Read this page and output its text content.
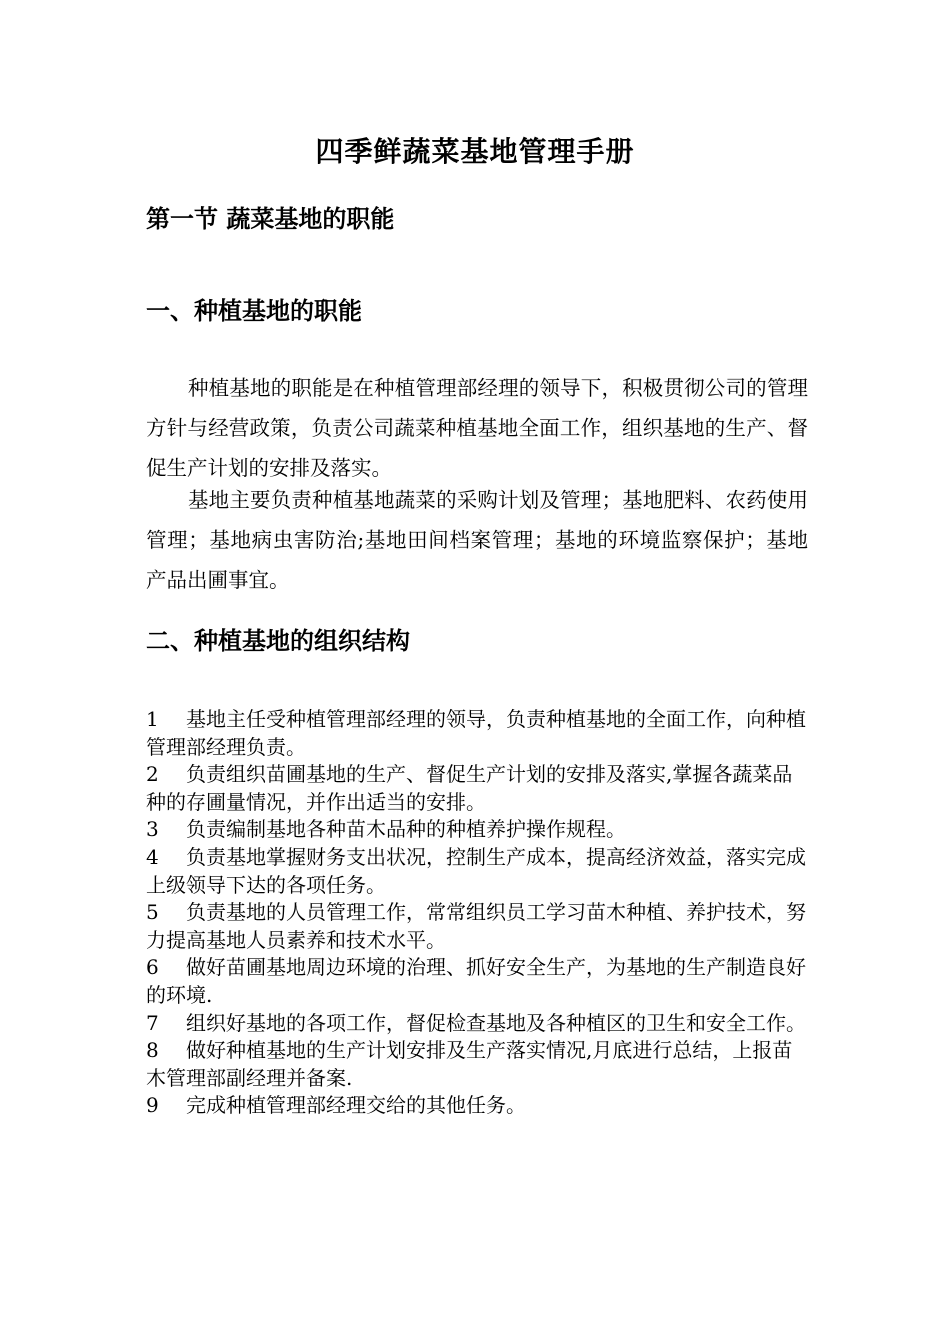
四季鲜蔬菜基地管理手册
第一节 蔬菜基地的职能
一、种植基地的职能

种植基地的职能是在种植管理部经理的领导下，积极贯彻公司的管理方针与经营政策，负责公司蔬菜种植基地全面工作，组织基地的生产、督促生产计划的安排及落实。

基地主要负责种植基地蔬菜的采购计划及管理；基地肥料、农药使用管理；基地病虫害防治;基地田间档案管理；基地的环境监察保护；基地产品出圃事宜。

二、种植基地的组织结构
1 基地主任受种植管理部经理的领导，负责种植基地的全面工作，向种植管理部经理负责。
2 负责组织苗圃基地的生产、督促生产计划的安排及落实,掌握各蔬菜品种的存圃量情况，并作出适当的安排。
3 负责编制基地各种苗木品种的种植养护操作规程。
4 负责基地掌握财务支出状况，控制生产成本，提高经济效益，落实完成上级领导下达的各项任务。
5 负责基地的人员管理工作，常常组织员工学习苗木种植、养护技术，努力提高基地人员素养和技术水平。
6 做好苗圃基地周边环境的治理、抓好安全生产，为基地的生产制造良好的环境.
7 组织好基地的各项工作，督促检查基地及各种植区的卫生和安全工作。
8 做好种植基地的生产计划安排及生产落实情况,月底进行总结，上报苗木管理部副经理并备案.
9 完成种植管理部经理交给的其他任务。
